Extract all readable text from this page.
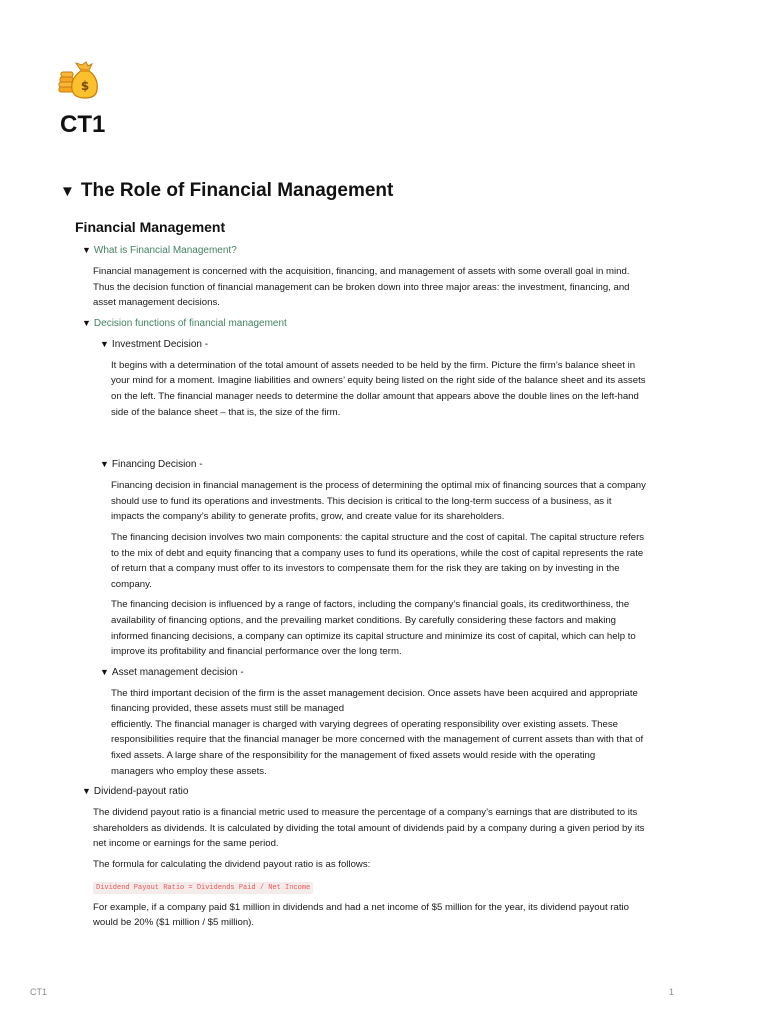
$
CT1
▼ The Role of Financial Management
Financial Management
▼ What is Financial Management?

Financial management is concerned with the acquisition, financing, and management of assets with some overall goal in mind. Thus the decision function of financial management can be broken down into three major areas: the investment, financing, and asset management decisions.

▼ Decision functions of financial management
▼ Investment Decision -

It begins with a determination of the total amount of assets needed to be held by the firm. Picture the firm’s balance sheet in your mind for a moment. Imagine liabilities and owners’ equity being listed on the right side of the balance sheet and its assets

on the left. The financial manager needs to determine the dollar amount that appears above the double lines on the left-hand side of the balance sheet – that is, the size of the firm.

▼ Financing Decision -

Financing decision in financial management is the process of determining the optimal mix of financing sources that a company should use to fund its operations and investments. This decision is critical to the long-term success of a business, as it impacts the company’s ability to generate profits, grow, and create value for its shareholders.

The financing decision involves two main components: the capital structure and the cost of capital. The capital structure refers to the mix of debt and equity financing that a company uses to fund its operations, while the cost of capital represents the rate of return that a company must offer to its investors to compensate them for the risk they are taking on by investing in the company.

The financing decision is influenced by a range of factors, including the company’s financial goals, its creditworthiness, the availability of financing options, and the prevailing market conditions. By carefully considering these factors and making informed financing decisions, a company can optimize its capital structure and minimize its cost of capital, which can help to improve its profitability and financial performance over the long term.

▼ Asset management decision -

The third important decision of the firm is the asset management decision. Once assets have been acquired and appropriate financing provided, these assets must still be managed

efficiently. The financial manager is charged with varying degrees of operating responsibility over existing assets. These responsibilities require that the financial manager be more concerned with the management of current assets than with that of fixed assets. A large share of the responsibility for the management of fixed assets would reside with the operating

managers who employ these assets.

▼ Dividend-payout ratio

The dividend payout ratio is a financial metric used to measure the percentage of a company’s earnings that are distributed to its shareholders as dividends. It is calculated by dividing the total amount of dividends paid by a company during a given period by its net income or earnings for the same period.

The formula for calculating the dividend payout ratio is as follows:

Dividend Payout Ratio = Dividends Paid / Net Income

For example, if a company paid $1 million in dividends and had a net income of $5 million for the year, its dividend payout ratio would be 20% ($1 million / $5 million).

CT1	1
